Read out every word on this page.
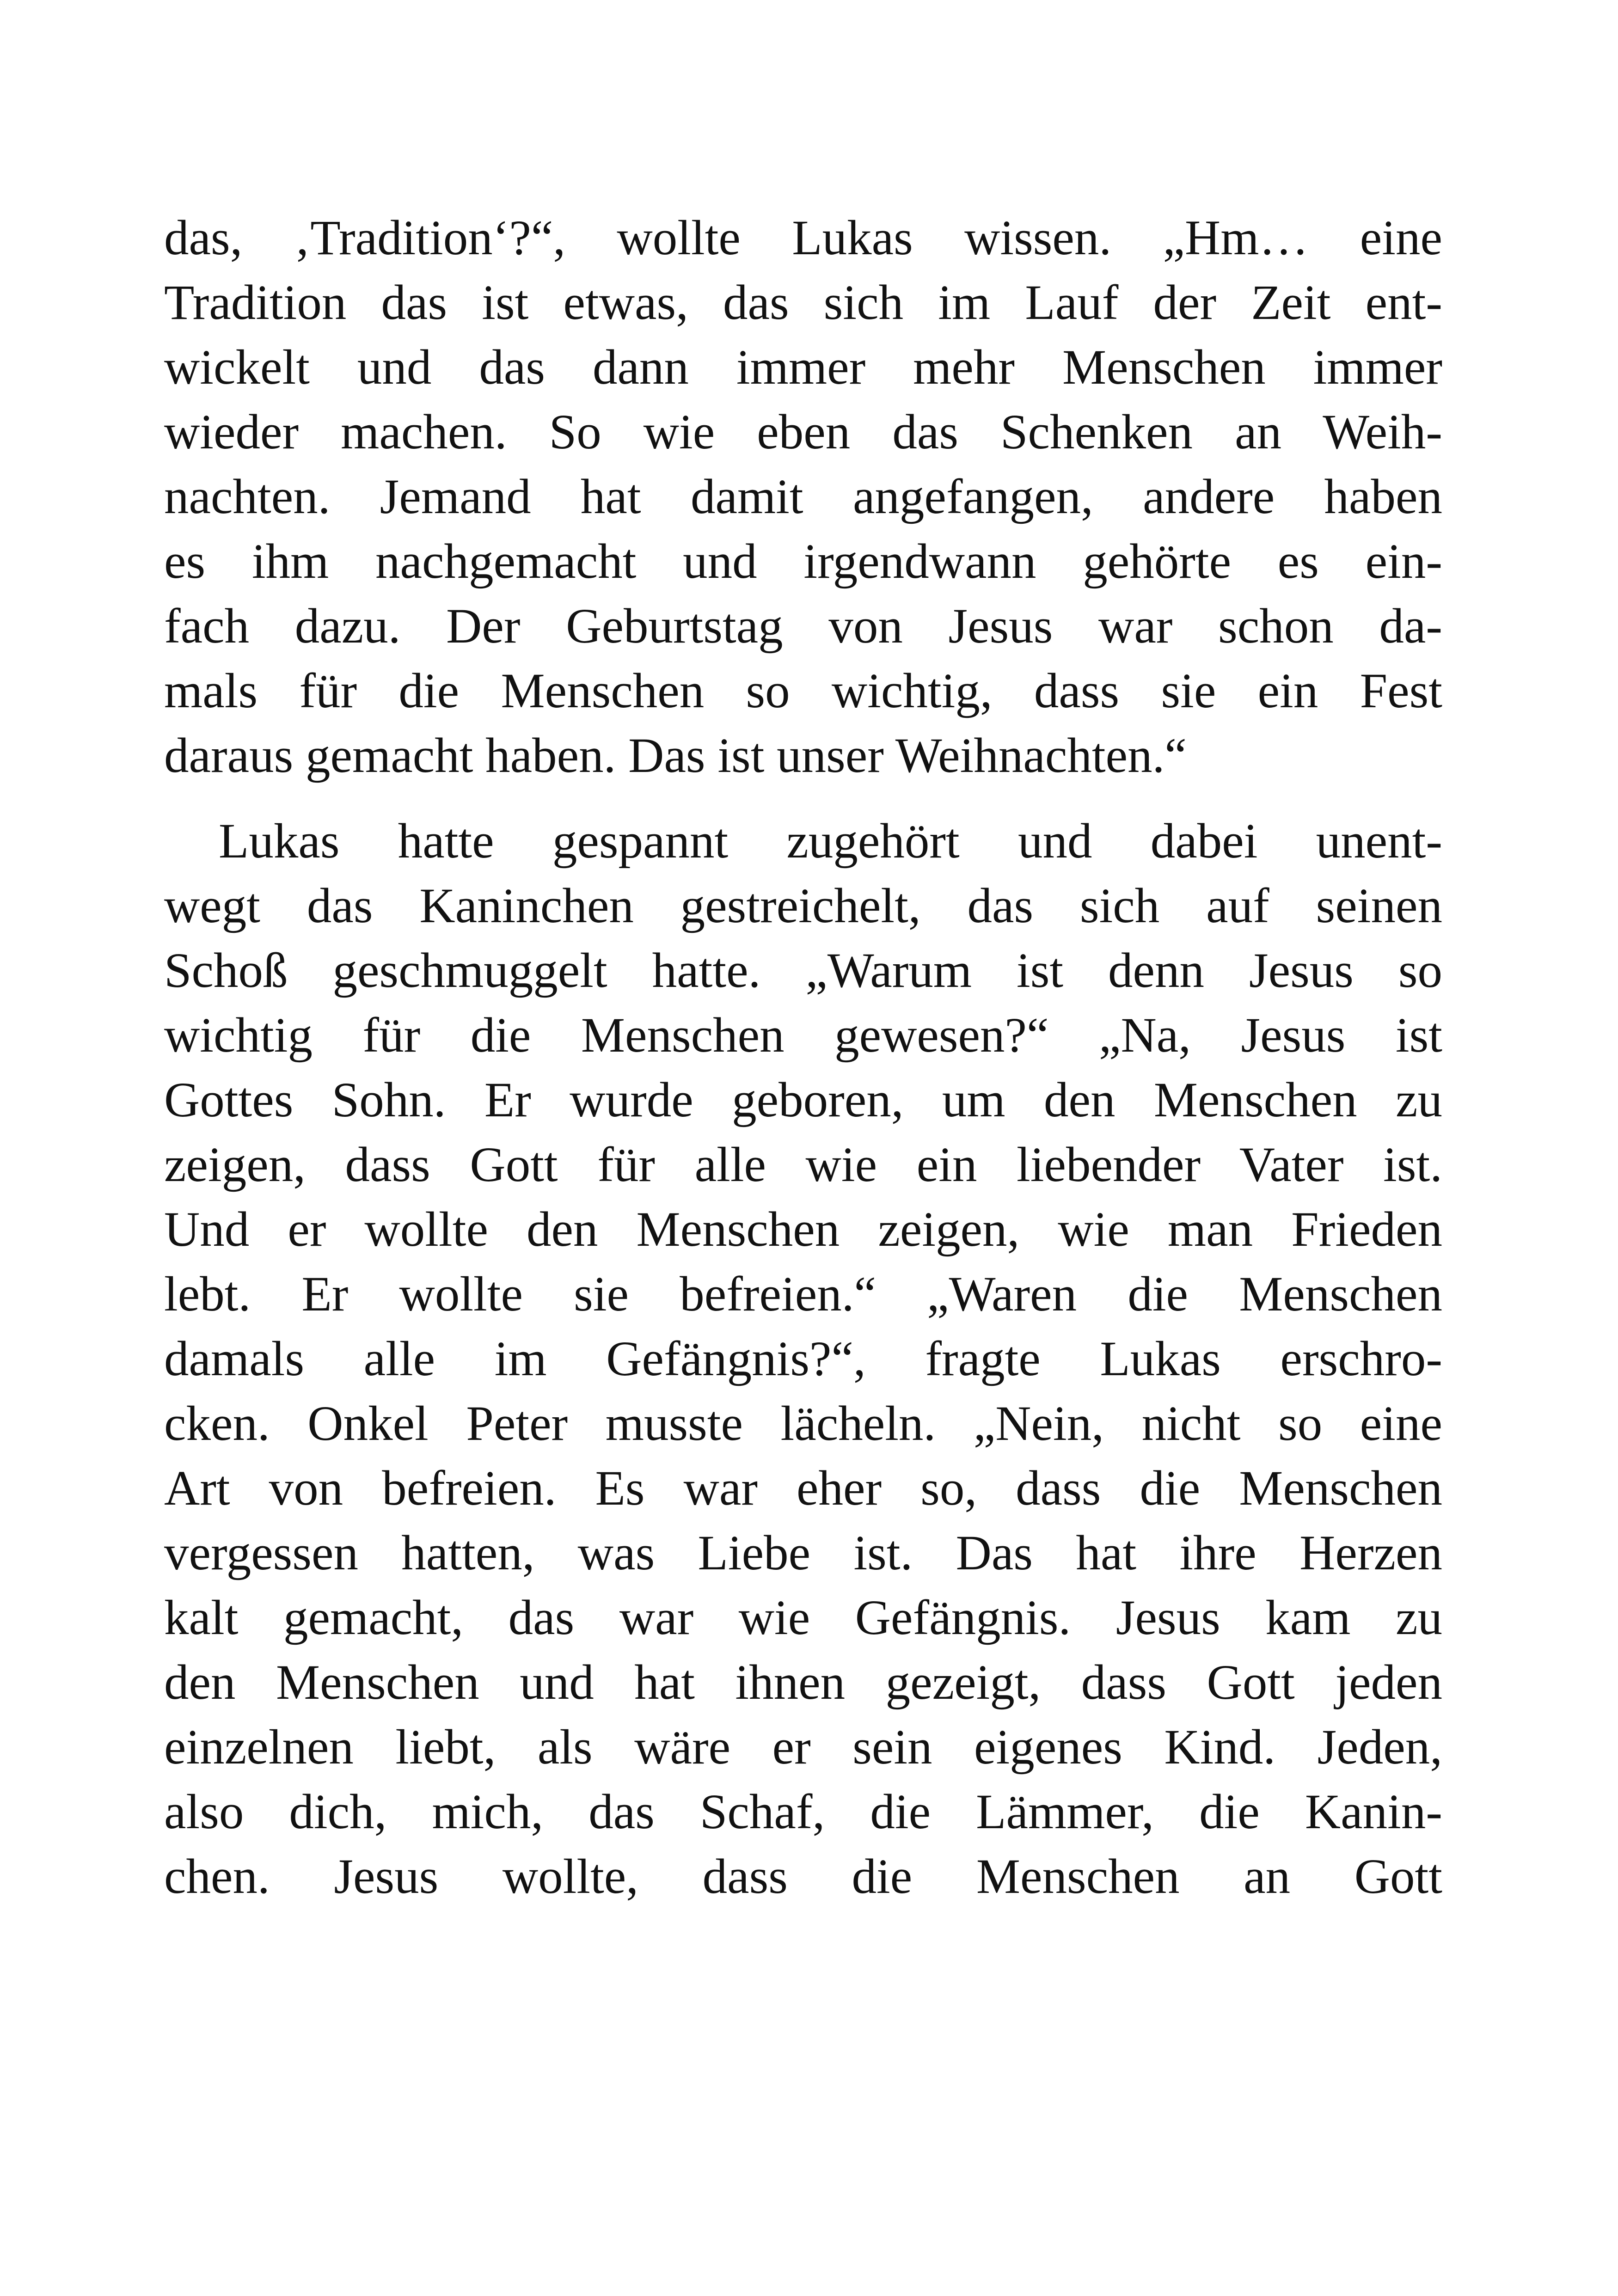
das, ‚Tradition‘?“, wollte Lukas wissen. „Hm… eine
Tradition das ist etwas, das sich im Lauf der Zeit ent-
wickelt und das dann immer mehr Menschen immer
wieder machen. So wie eben das Schenken an Weih-
nachten. Jemand hat damit angefangen, andere haben
es ihm nachgemacht und irgendwann gehörte es ein-
fach dazu. Der Geburtstag von Jesus war schon da-
mals für die Menschen so wichtig, dass sie ein Fest
daraus gemacht haben. Das ist unser Weihnachten.“
Lukas hatte gespannt zugehört und dabei unent-
wegt das Kaninchen gestreichelt, das sich auf seinen
Schoß geschmuggelt hatte. „Warum ist denn Jesus so
wichtig für die Menschen gewesen?“ „Na, Jesus ist
Gottes Sohn. Er wurde geboren, um den Menschen zu
zeigen, dass Gott für alle wie ein liebender Vater ist.
Und er wollte den Menschen zeigen, wie man Frieden
lebt. Er wollte sie befreien.“ „Waren die Menschen
damals alle im Gefängnis?“, fragte Lukas erschro-
cken. Onkel Peter musste lächeln. „Nein, nicht so eine
Art von befreien. Es war eher so, dass die Menschen
vergessen hatten, was Liebe ist. Das hat ihre Herzen
kalt gemacht, das war wie Gefängnis. Jesus kam zu
den Menschen und hat ihnen gezeigt, dass Gott jeden
einzelnen liebt, als wäre er sein eigenes Kind. Jeden,
also dich, mich, das Schaf, die Lämmer, die Kanin-
chen. Jesus wollte, dass die Menschen an Gott
